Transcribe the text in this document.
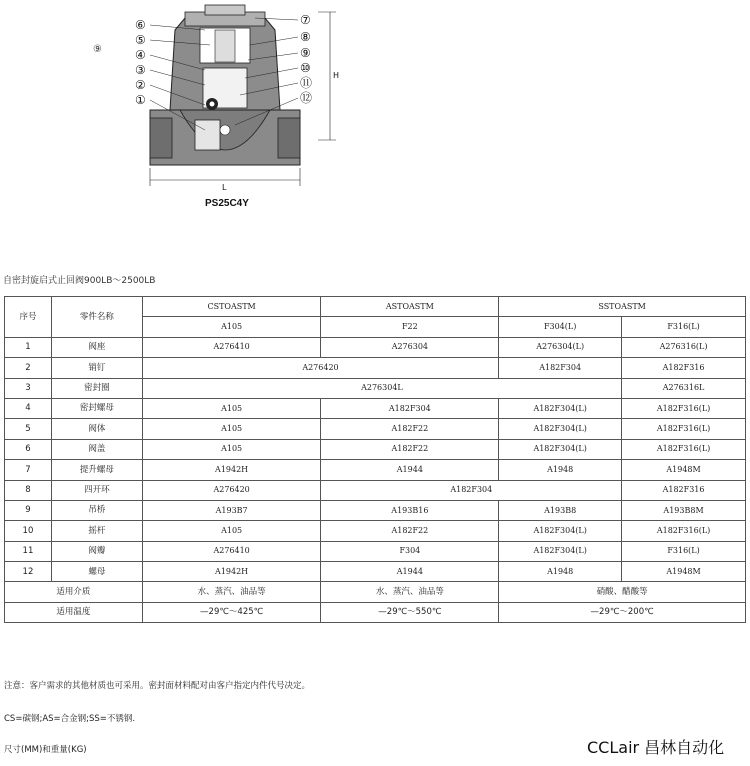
⑥
⑤
④
③
②
①
⑦
⑧
⑨
⑩
⑪
⑫
H
L
⑨
PS25C4Y
自密封旋启式止回阀900LB～2500LB
序号	零件名称	CSTOASTM	ASTOASTM	SSTOASTM	
		A105	F22	F304(L)	F316(L)
1	阀座	A276410	A276304	A276304(L)	A276316(L)
2	销钉	A276420		A182F304	A182F316
3	密封圈	A276304L			A276316L
4	密封螺母	A105	A182F304	A182F304(L)	A182F316(L)
5	阀体	A105	A182F22	A182F304(L)	A182F316(L)
6	阀盖	A105	A182F22	A182F304(L)	A182F316(L)
7	提升螺母	A1942H	A1944	A1948	A1948M
8	四开环	A276420	A182F304		A182F316
9	吊桥	A193B7	A193B16	A193B8	A193B8M
10	摇杆	A105	A182F22	A182F304(L)	A182F316(L)
11	阀瓣	A276410	F304	A182F304(L)	F316(L)
12	螺母	A1942H	A1944	A1948	A1948M
适用介质		水、蒸汽、油品等	水、蒸汽、油品等	硝酸、醋酸等	
适用温度		—29℃～425℃	—29℃～550℃	—29℃～200℃	
注意：客户需求的其他材质也可采用。密封面材料配对由客户指定内件代号决定。
CS=碳钢;AS=合金钢;SS=不锈钢.
尺寸(MM)和重量(KG)	CCLair 昌林自动化
